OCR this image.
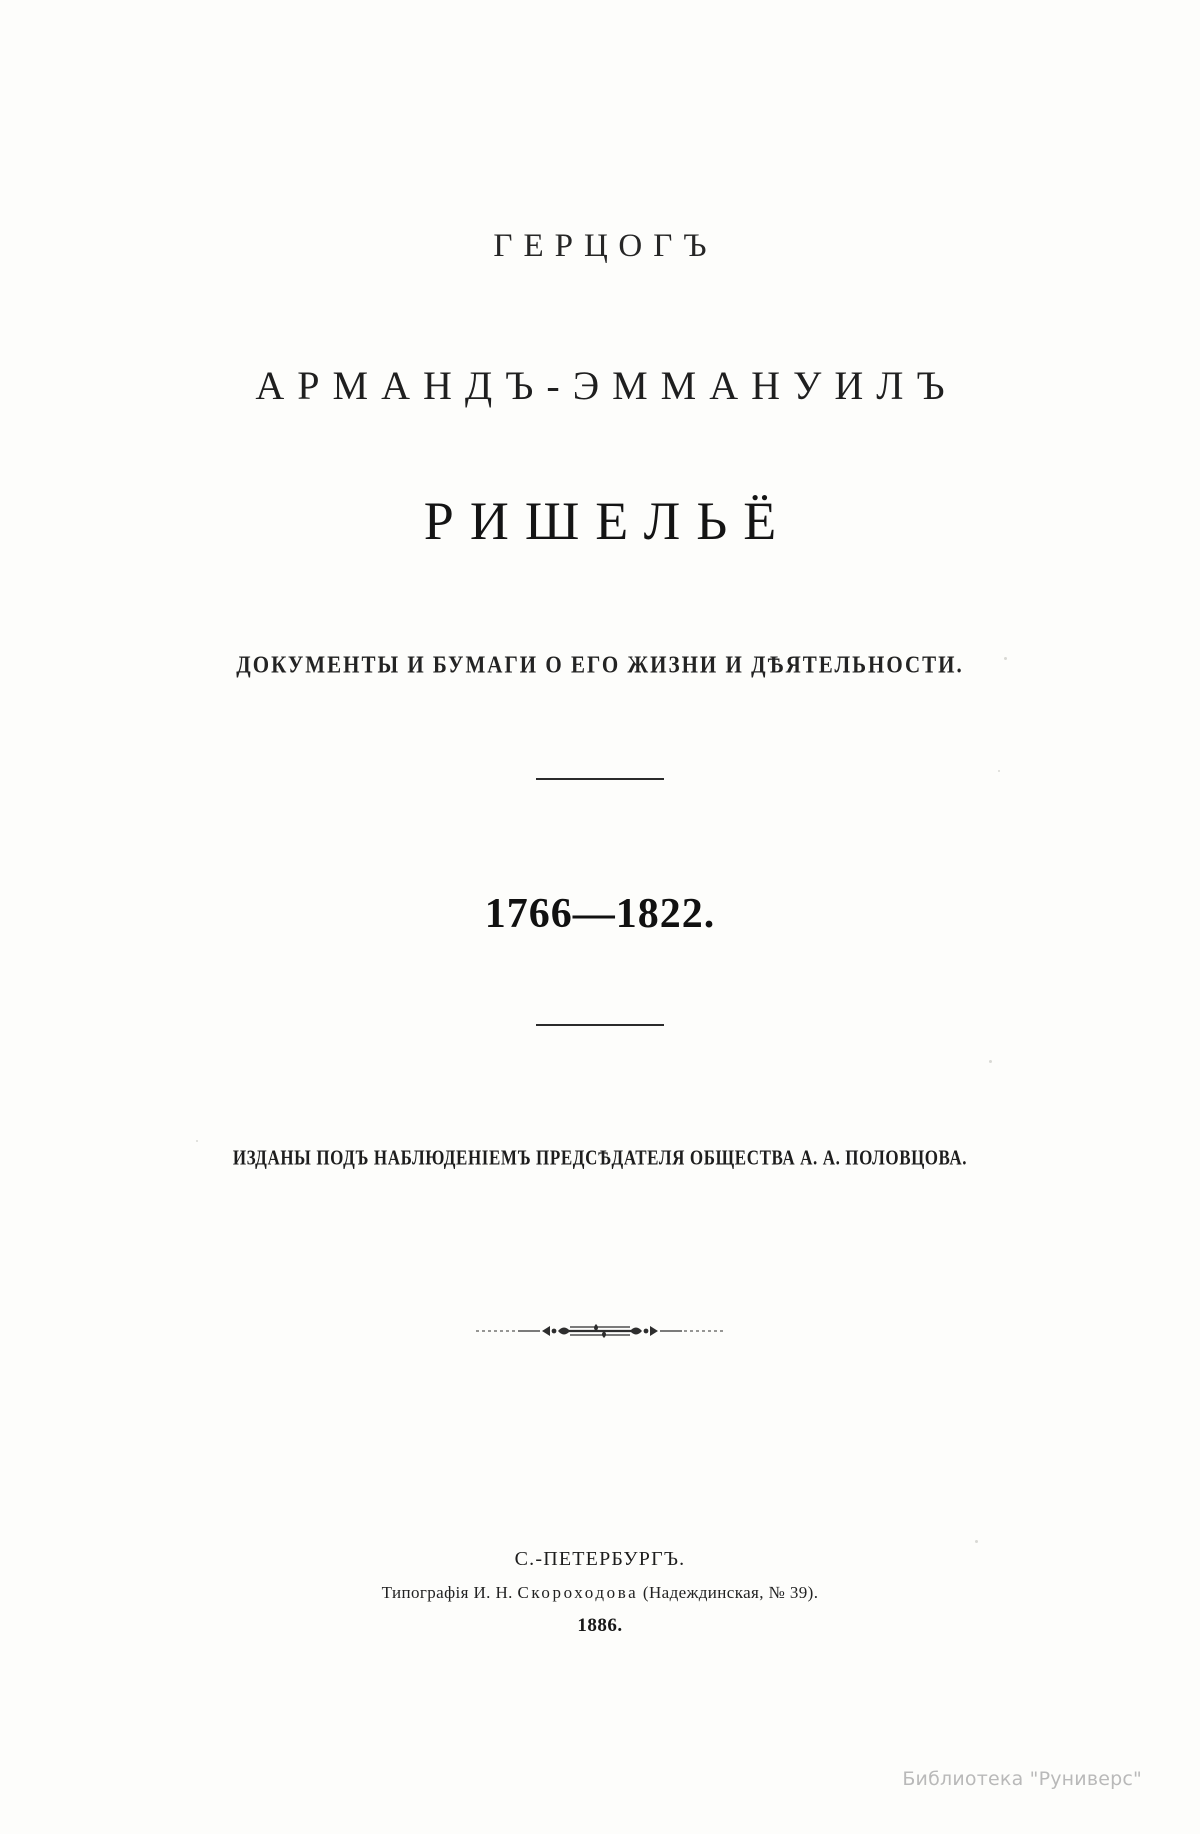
ГЕРЦОГЪ
АРМАНДЪ-ЭММАНУИЛЪ
РИШЕЛЬЁ
ДОКУМЕНТЫ И БУМАГИ О ЕГО ЖИЗНИ И ДѢЯТЕЛЬНОСТИ.
1766—1822.
ИЗДАНЫ ПОДЪ НАБЛЮДЕНІЕМЪ ПРЕДСѢДАТЕЛЯ ОБЩЕСТВА А. А. ПОЛОВЦОВА.
С.-ПЕТЕРБУРГЪ.
Типографія И. Н. Скороходова (Надеждинская, № 39).
1886.
Библиотека "Руниверс"
